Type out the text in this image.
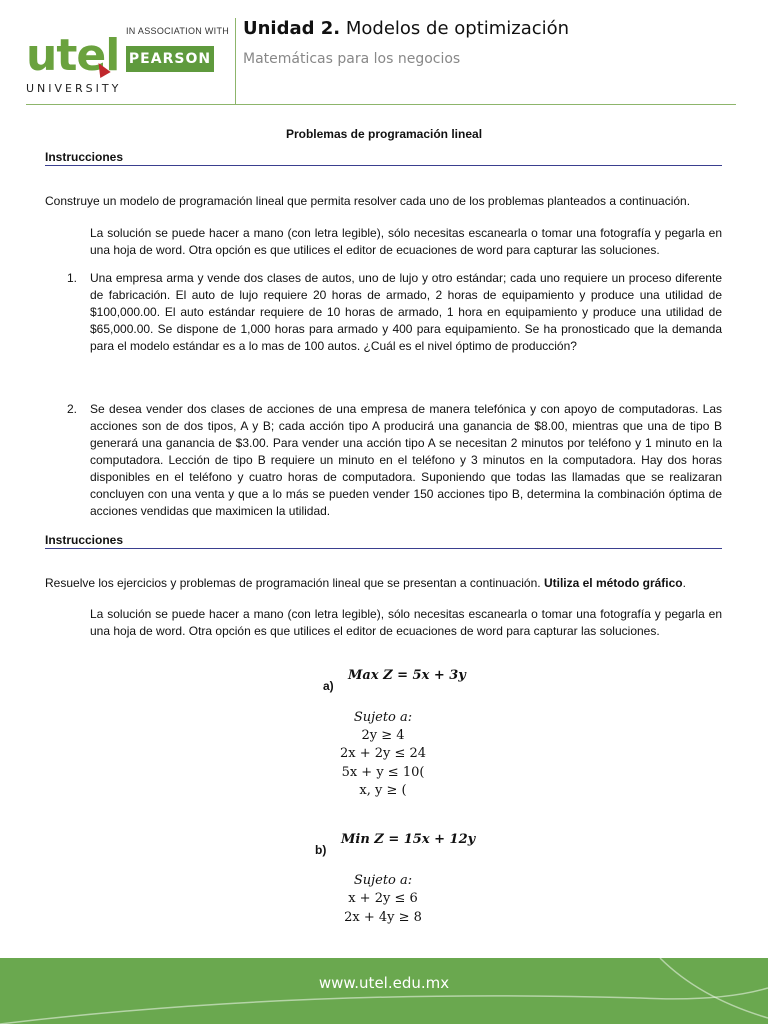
utel IN ASSOCIATION WITH
PEARSON
UNIVERSITY
Unidad 2. Modelos de optimización
Matemáticas para los negocios
Problemas de programación lineal
Instrucciones
Construye un modelo de programación lineal que permita resolver cada uno de los problemas planteados a continuación.
La solución se puede hacer a mano (con letra legible), sólo necesitas escanearla o tomar una fotografía y pegarla en una hoja de word. Otra opción es que utilices el editor de ecuaciones de word para capturar las soluciones.
1. Una empresa arma y vende dos clases de autos, uno de lujo y otro estándar; cada uno requiere un proceso diferente de fabricación. El auto de lujo requiere 20 horas de armado, 2 horas de equipamiento y produce una utilidad de $100,000.00. El auto estándar requiere de 10 horas de armado, 1 hora en equipamiento y produce una utilidad de $65,000.00. Se dispone de 1,000 horas para armado y 400 para equipamiento. Se ha pronosticado que la demanda para el modelo estándar es a lo mas de 100 autos. ¿Cuál es el nivel óptimo de producción?
2. Se desea vender dos clases de acciones de una empresa de manera telefónica y con apoyo de computadoras. Las acciones son de dos tipos, A y B; cada acción tipo A producirá una ganancia de $8.00, mientras que una de tipo B generará una ganancia de $3.00. Para vender una acción tipo A se necesitan 2 minutos por teléfono y 1 minuto en la computadora. Lección de tipo B requiere un minuto en el teléfono y 3 minutos en la computadora. Hay dos horas disponibles en el teléfono y cuatro horas de computadora. Suponiendo que todas las llamadas que se realizaran concluyen con una venta y que a lo más se pueden vender 150 acciones tipo B, determina la combinación óptima de acciones vendidas que maximicen la utilidad.
Instrucciones
Resuelve los ejercicios y problemas de programación lineal que se presentan a continuación. Utiliza el método gráfico.
La solución se puede hacer a mano (con letra legible), sólo necesitas escanearla o tomar una fotografía y pegarla en una hoja de word. Otra opción es que utilices el editor de ecuaciones de word para capturar las soluciones.
a)
Max Z = 5x + 3y
Sujeto a:
2y ≥ 4
2x + 2y ≤ 24
5x + y ≤ 10(
x, y ≥ (
b)
Min Z = 15x + 12y
Sujeto a:
x + 2y ≤ 6
2x + 4y ≥ 8
www.utel.edu.mx
